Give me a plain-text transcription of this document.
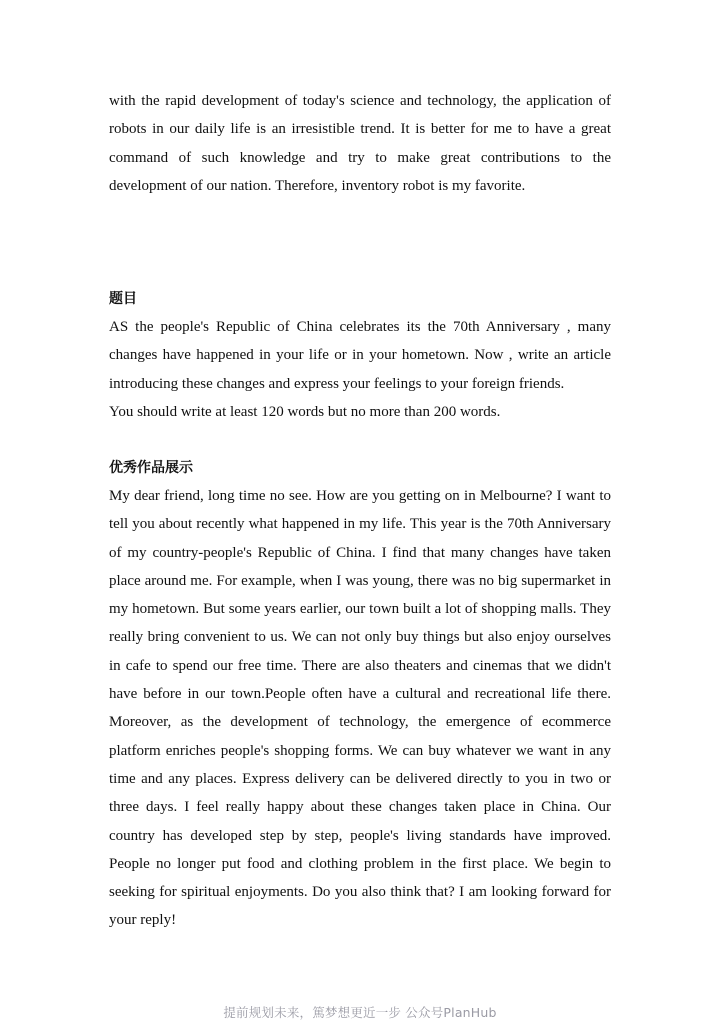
with the rapid development of today's science and technology, the application of robots in our daily life is an irresistible trend. It is better for me to have a great command of such knowledge and try to make great contributions to the development of our nation. Therefore, inventory robot is my favorite.
题目
AS the people's Republic of China celebrates its the 70th Anniversary , many changes have happened in your life or in your hometown. Now , write an article introducing these changes and express your feelings to your foreign friends.
You should write at least 120 words but no more than 200 words.
优秀作品展示
My dear friend, long time no see. How are you getting on in Melbourne? I want to tell you about recently what happened in my life. This year is the 70th Anniversary of my country-people's Republic of China. I find that many changes have taken place around me. For example, when I was young, there was no big supermarket in my hometown. But some years earlier, our town built a lot of shopping malls. They really bring convenient to us. We can not only buy things but also enjoy ourselves in cafe to spend our free time. There are also theaters and cinemas that we didn't have before in our town.People often have a cultural and recreational life there. Moreover, as the development of technology, the emergence of ecommerce platform enriches people's shopping forms. We can buy whatever we want in any time and any places. Express delivery can be delivered directly to you in two or three days. I feel really happy about these changes taken place in China. Our country has developed step by step, people's living standards have improved. People no longer put food and clothing problem in the first place. We begin to seeking for spiritual enjoyments. Do you also think that? I am looking forward for your reply!
提前规划未来，篤梦想更近一步 公众号PlanHub
